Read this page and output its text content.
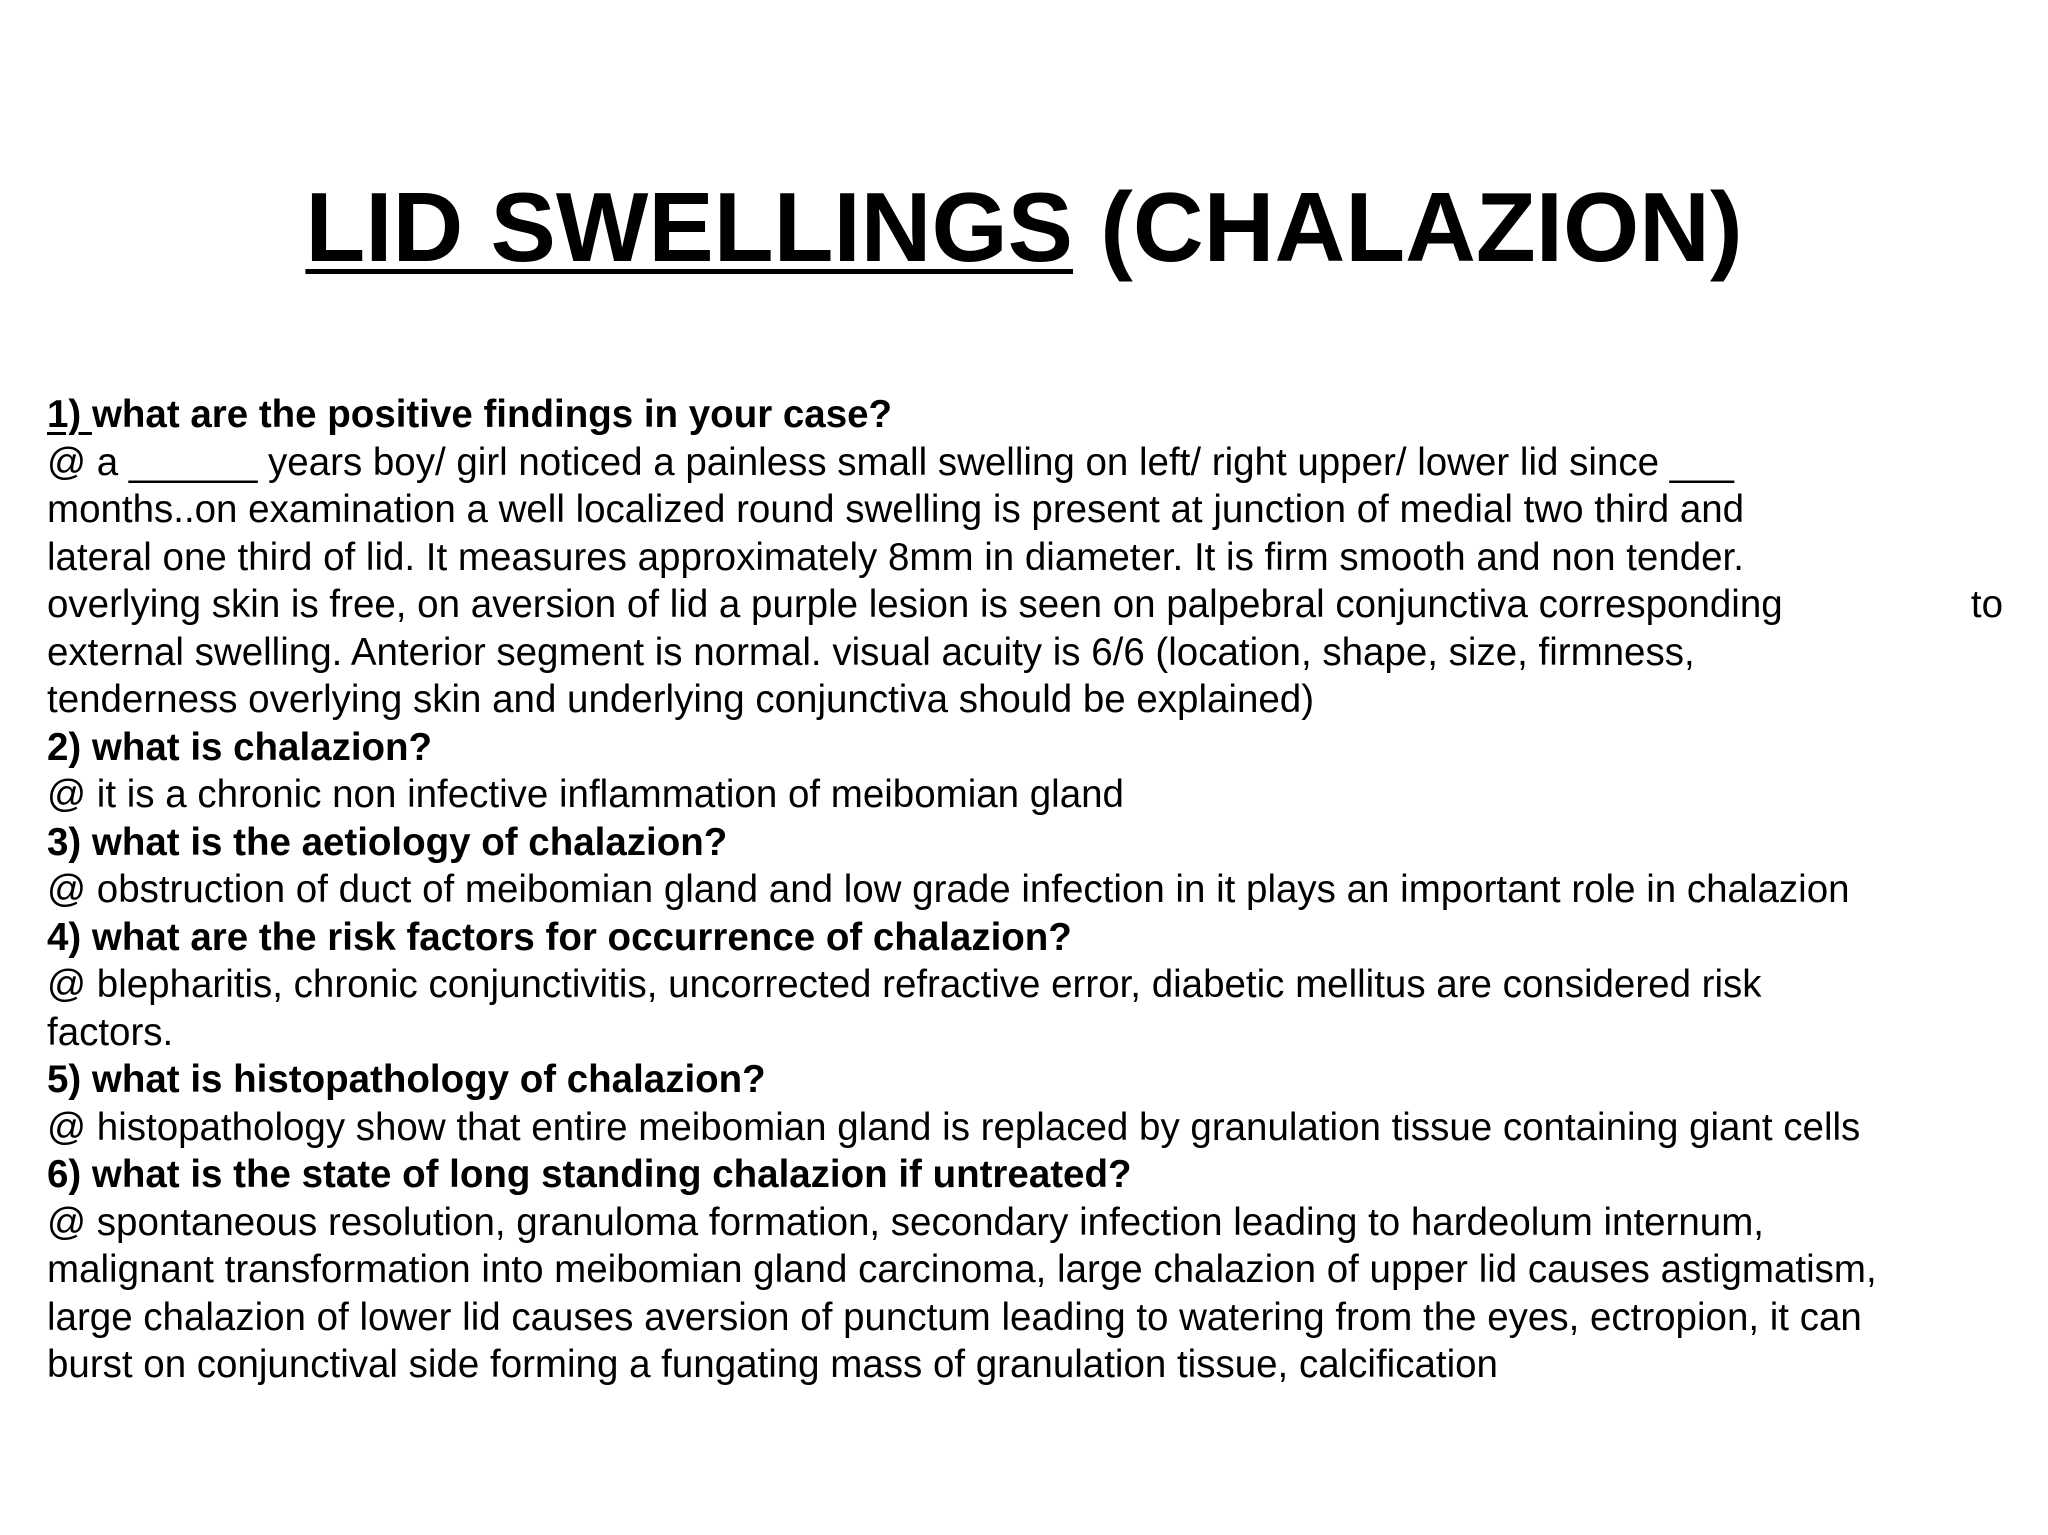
LID SWELLINGS (CHALAZION)
1) what are the positive findings in your case?
@ a ______ years boy/ girl noticed a painless small swelling on left/ right upper/ lower lid since ___
months..on examination a well localized round swelling is present at junction of medial two third and
lateral one third of lid. It measures approximately 8mm in diameter. It is firm smooth and non tender.
overlying skin is free, on aversion of lid a purple lesion is seen on palpebral conjunctiva corresponding	to
external swelling. Anterior segment is normal. visual acuity is 6/6 (location, shape, size, firmness,
tenderness overlying skin and underlying conjunctiva should be explained)
2) what is chalazion?
@ it is a chronic non infective inflammation of meibomian gland
3) what is the aetiology of chalazion?
@ obstruction of duct of meibomian gland and low grade infection in it plays an important role in chalazion
4) what are the risk factors for occurrence of chalazion?
@ blepharitis, chronic conjunctivitis, uncorrected refractive error, diabetic mellitus are considered risk
factors.
5) what is histopathology of chalazion?
@ histopathology show that entire meibomian gland is replaced by granulation tissue containing giant cells
6) what is the state of long standing chalazion if untreated?
@ spontaneous resolution, granuloma formation, secondary infection leading to hardeolum internum,
malignant transformation into meibomian gland carcinoma, large chalazion of upper lid causes astigmatism,
large chalazion of lower lid causes aversion of punctum leading to watering from the eyes, ectropion, it can
burst on conjunctival side forming a fungating mass of granulation tissue, calcification
